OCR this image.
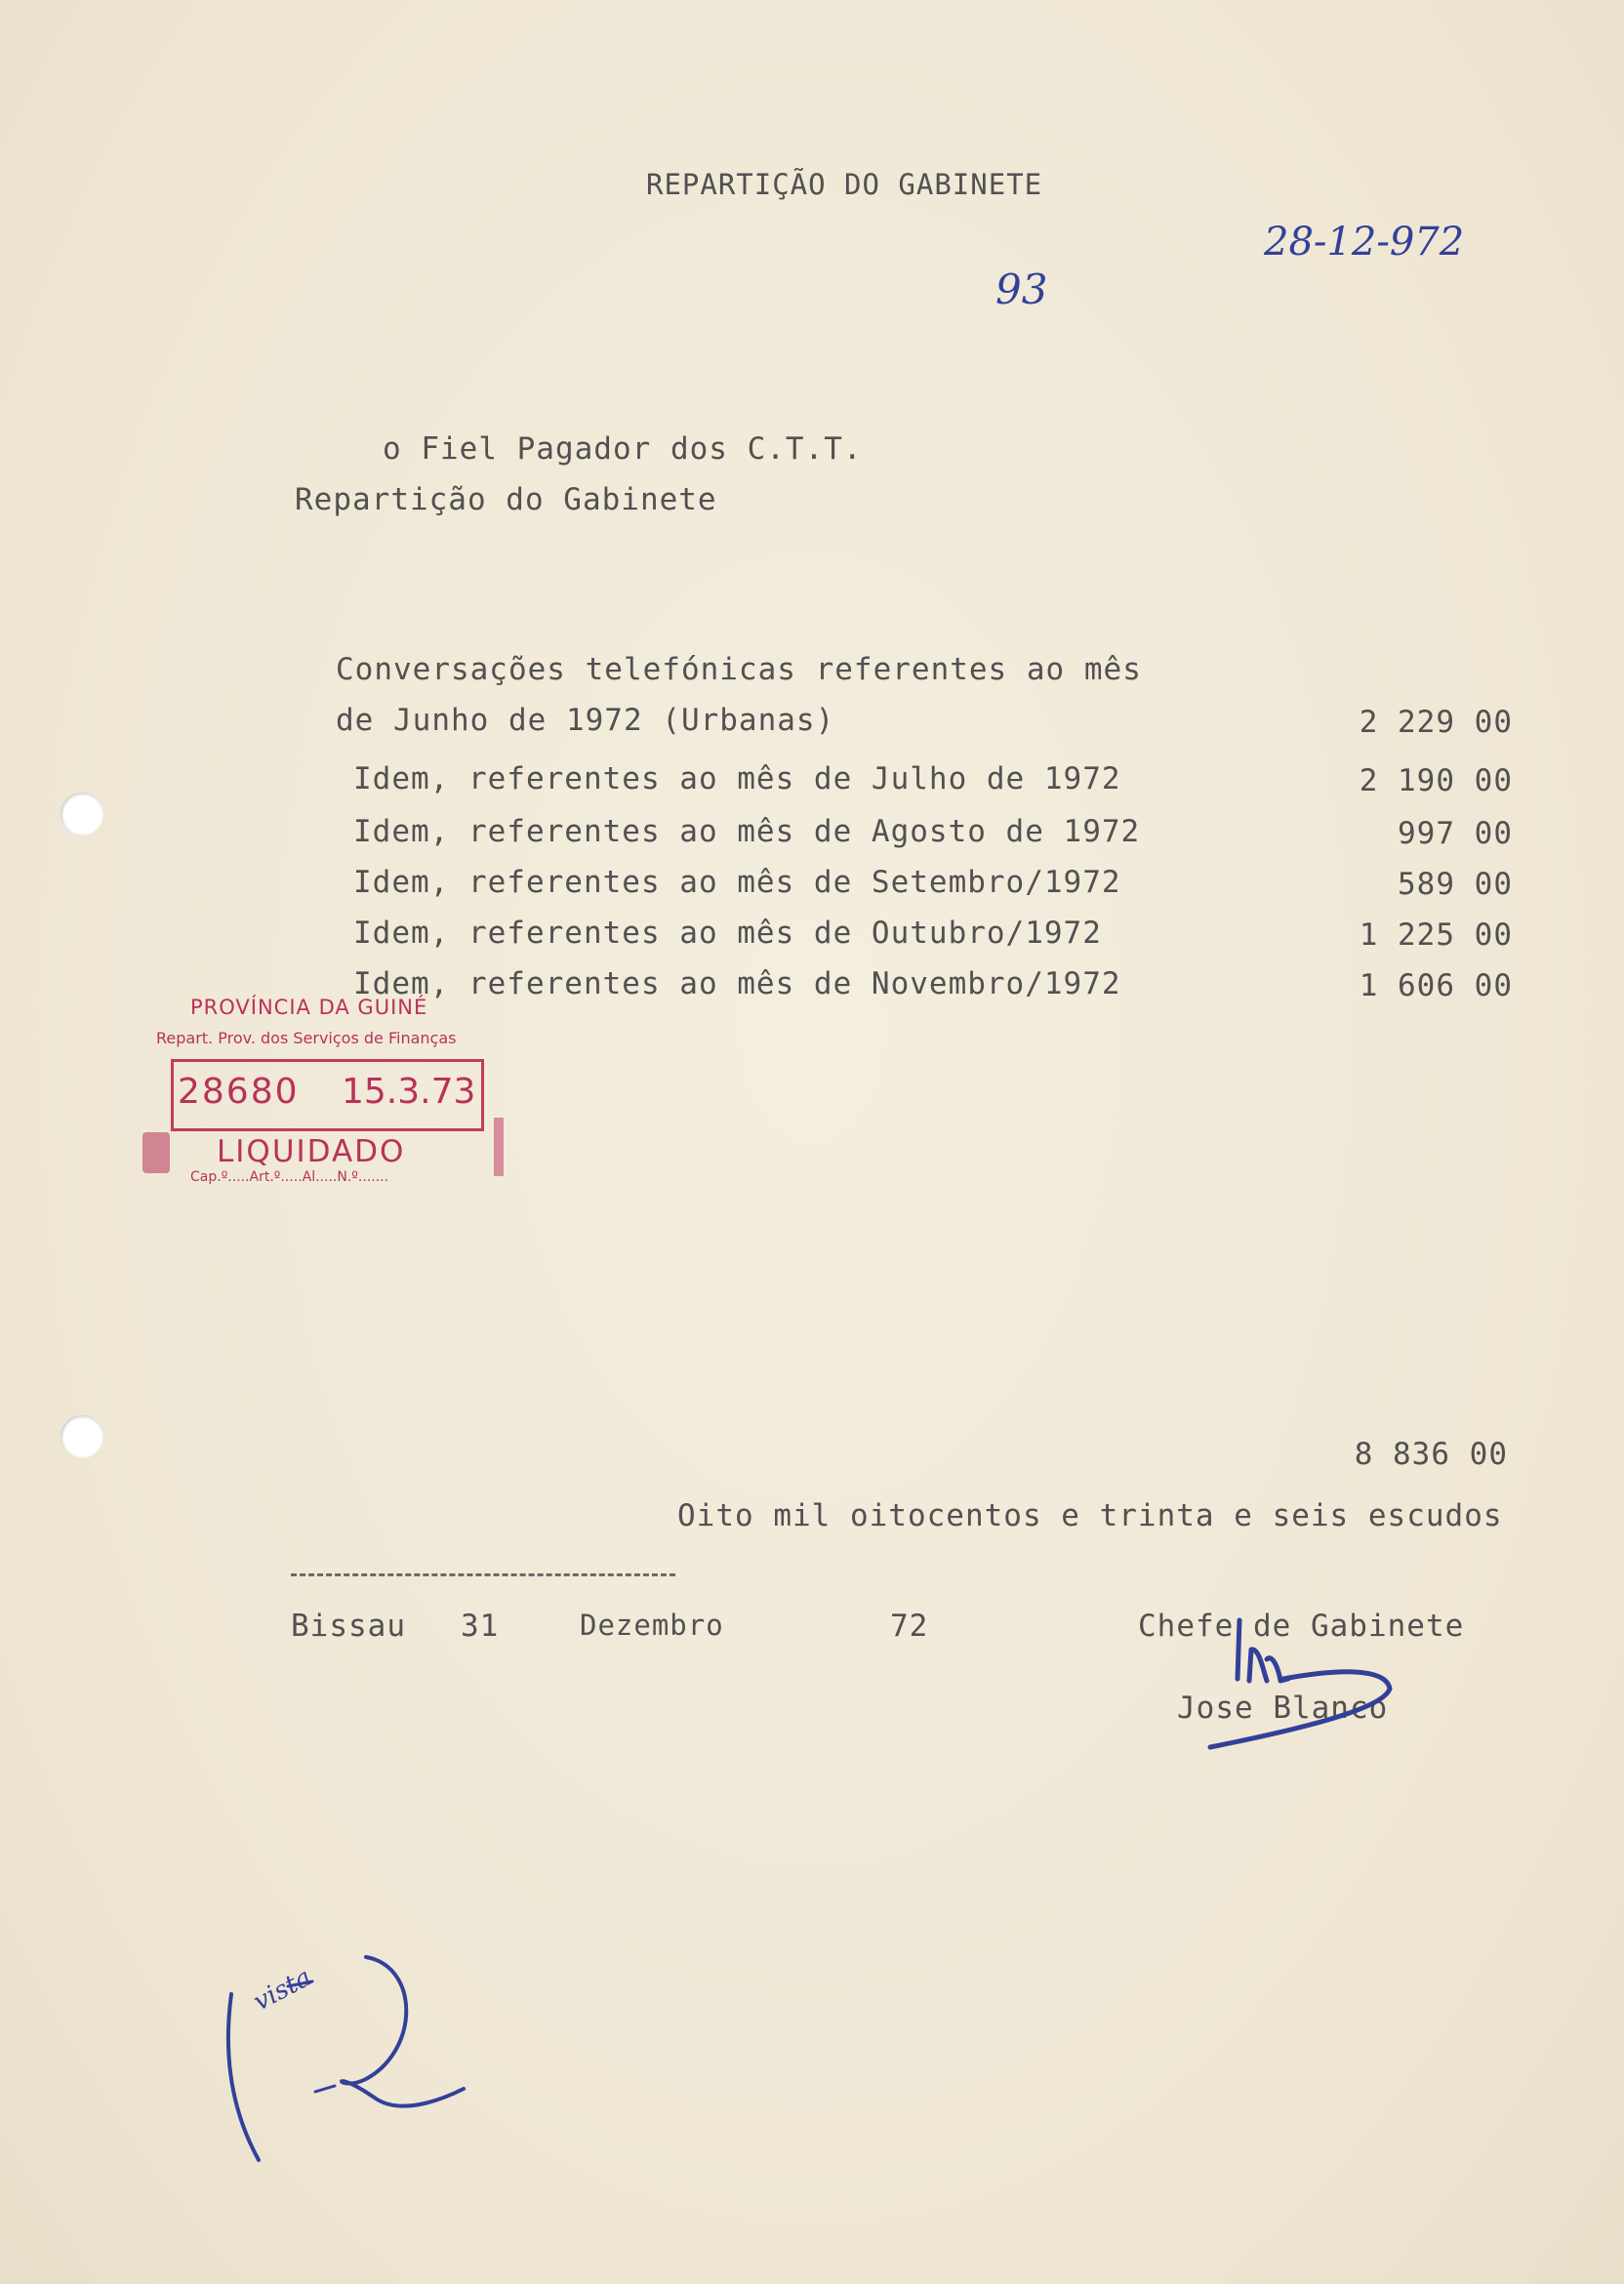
REPARTIÇÃO DO GABINETE
28-12-972
93
o Fiel Pagador dos C.T.T.
Repartição do Gabinete
Conversações telefónicas referentes ao mês
de Junho de 1972 (Urbanas)	2 229 00
Idem, referentes ao mês de Julho de 1972	2 190 00
Idem, referentes ao mês de Agosto de 1972	997 00
Idem, referentes ao mês de Setembro/1972	589 00
Idem, referentes ao mês de Outubro/1972	1 225 00
Idem, referentes ao mês de Novembro/1972	1 606 00
PROVÍNCIA DA GUINÉ
Repart. Prov. dos Serviços de Finanças
28680 15.3.73
LIQUIDADO
Cap.º.....Art.º.....Al.....N.º.......
8 836 00
Oito mil oitocentos e trinta e seis escudos
Bissau 31	Dezembro	72	Chefe de Gabinete
Jose Blanco
vista
